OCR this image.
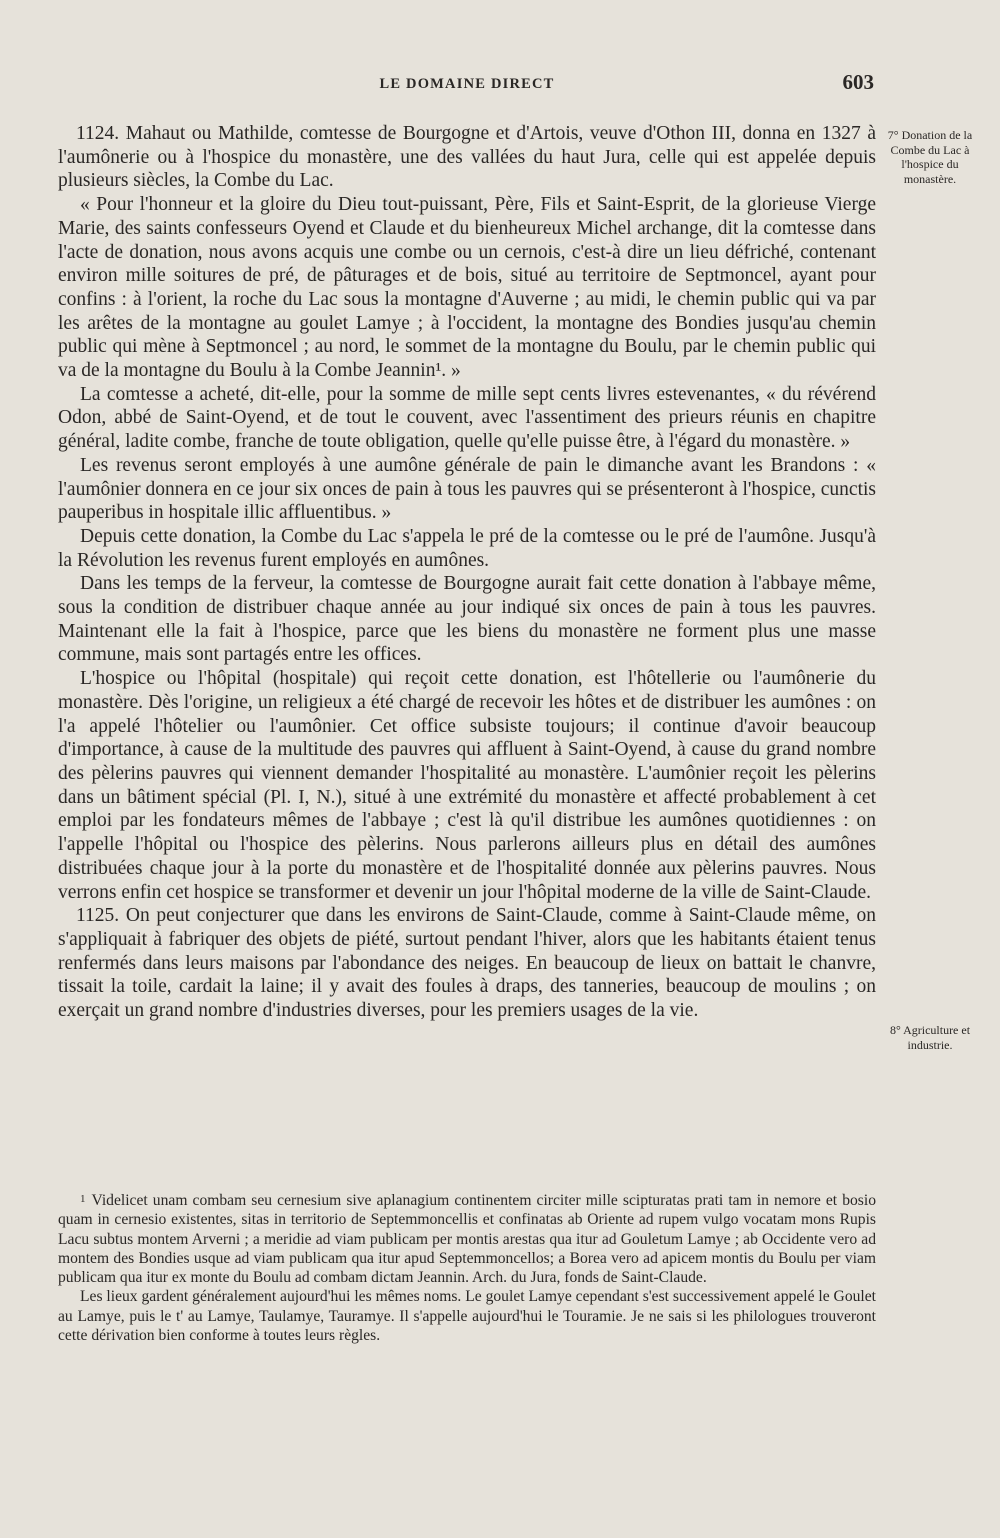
LE DOMAINE DIRECT	603
7° Donation de la Combe du Lac à l'hospice du monastère.
8° Agriculture et industrie.

1124. Mahaut ou Mathilde, comtesse de Bourgogne et d'Artois, veuve d'Othon III, donna en 1327 à l'aumônerie ou à l'hospice du monastère, une des vallées du haut Jura, celle qui est appelée depuis plusieurs siècles, la Combe du Lac.

« Pour l'honneur et la gloire du Dieu tout-puissant, Père, Fils et Saint-Esprit, de la glorieuse Vierge Marie, des saints confesseurs Oyend et Claude et du bienheureux Michel archange, dit la comtesse dans l'acte de donation, nous avons acquis une combe ou un cernois, c'est-à dire un lieu défriché, contenant environ mille soitures de pré, de pâturages et de bois, situé au territoire de Septmoncel, ayant pour confins : à l'orient, la roche du Lac sous la montagne d'Auverne ; au midi, le chemin public qui va par les arêtes de la montagne au goulet Lamye ; à l'occident, la montagne des Bondies jusqu'au chemin public qui mène à Septmoncel ; au nord, le sommet de la montagne du Boulu, par le chemin public qui va de la montagne du Boulu à la Combe Jeannin¹. »

La comtesse a acheté, dit-elle, pour la somme de mille sept cents livres estevenantes, « du révérend Odon, abbé de Saint-Oyend, et de tout le couvent, avec l'assentiment des prieurs réunis en chapitre général, ladite combe, franche de toute obligation, quelle qu'elle puisse être, à l'égard du monastère. »

Les revenus seront employés à une aumône générale de pain le dimanche avant les Brandons : « l'aumônier donnera en ce jour six onces de pain à tous les pauvres qui se présenteront à l'hospice, cunctis pauperibus in hospitale illic affluentibus. »

Depuis cette donation, la Combe du Lac s'appela le pré de la comtesse ou le pré de l'aumône. Jusqu'à la Révolution les revenus furent employés en aumônes.

Dans les temps de la ferveur, la comtesse de Bourgogne aurait fait cette donation à l'abbaye même, sous la condition de distribuer chaque année au jour indiqué six onces de pain à tous les pauvres. Maintenant elle la fait à l'hospice, parce que les biens du monastère ne forment plus une masse commune, mais sont partagés entre les offices.

L'hospice ou l'hôpital (hospitale) qui reçoit cette donation, est l'hôtellerie ou l'aumônerie du monastère. Dès l'origine, un religieux a été chargé de recevoir les hôtes et de distribuer les aumônes : on l'a appelé l'hôtelier ou l'aumônier. Cet office subsiste toujours; il continue d'avoir beaucoup d'importance, à cause de la multitude des pauvres qui affluent à Saint-Oyend, à cause du grand nombre des pèlerins pauvres qui viennent demander l'hospitalité au monastère. L'aumônier reçoit les pèlerins dans un bâtiment spécial (Pl. I, N.), situé à une extrémité du monastère et affecté probablement à cet emploi par les fondateurs mêmes de l'abbaye ; c'est là qu'il distribue les aumônes quotidiennes : on l'appelle l'hôpital ou l'hospice des pèlerins. Nous parlerons ailleurs plus en détail des aumônes distribuées chaque jour à la porte du monastère et de l'hospitalité donnée aux pèlerins pauvres. Nous verrons enfin cet hospice se transformer et devenir un jour l'hôpital moderne de la ville de Saint-Claude.

1125. On peut conjecturer que dans les environs de Saint-Claude, comme à Saint-Claude même, on s'appliquait à fabriquer des objets de piété, surtout pendant l'hiver, alors que les habitants étaient tenus renfermés dans leurs maisons par l'abondance des neiges. En beaucoup de lieux on battait le chanvre, tissait la toile, cardait la laine; il y avait des foules à draps, des tanneries, beaucoup de moulins ; on exerçait un grand nombre d'industries diverses, pour les premiers usages de la vie.

1 Videlicet unam combam seu cernesium sive aplanagium continentem circiter mille scipturatas prati tam in nemore et bosio quam in cernesio existentes, sitas in territorio de Septemmoncellis et confinatas ab Oriente ad rupem vulgo vocatam mons Rupis Lacu subtus montem Arverni ; a meridie ad viam publicam per montis arestas qua itur ad Gouletum Lamye ; ab Occidente vero ad montem des Bondies usque ad viam publicam qua itur apud Septemmoncellos; a Borea vero ad apicem montis du Boulu per viam publicam qua itur ex monte du Boulu ad combam dictam Jeannin. Arch. du Jura, fonds de Saint-Claude.

Les lieux gardent généralement aujourd'hui les mêmes noms. Le goulet Lamye cependant s'est successivement appelé le Goulet au Lamye, puis le t' au Lamye, Taulamye, Tauramye. Il s'appelle aujourd'hui le Touramie. Je ne sais si les philologues trouveront cette dérivation bien conforme à toutes leurs règles.
